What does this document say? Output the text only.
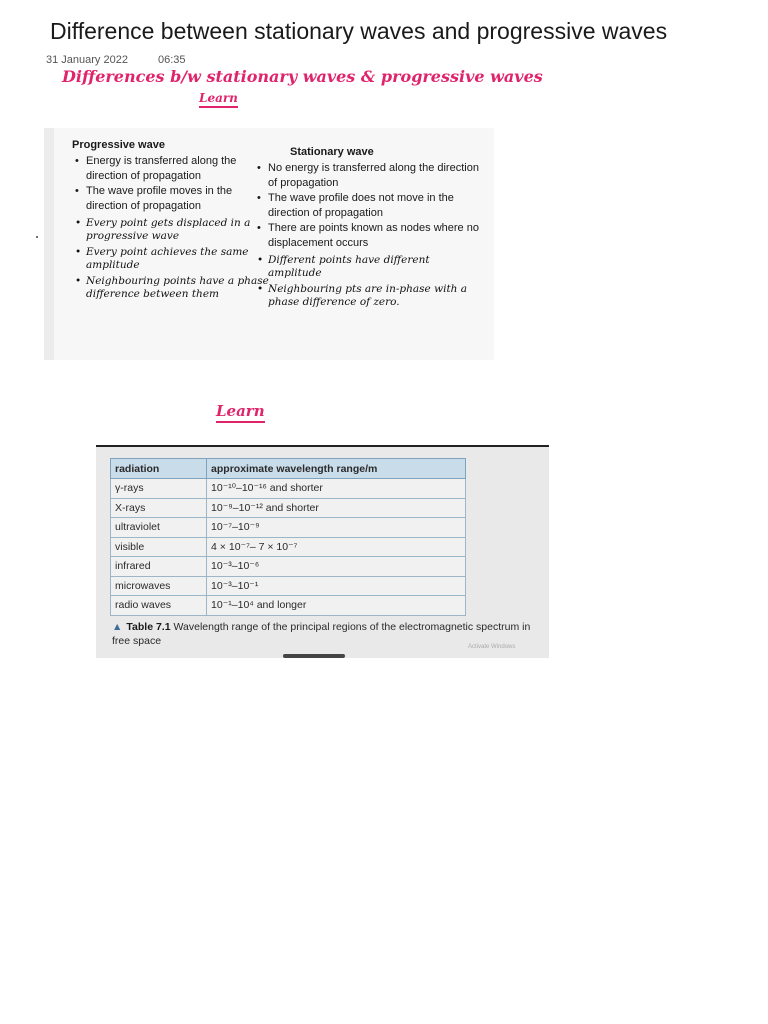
Difference between stationary waves and progressive waves
31 January 2022	06:35
Differences b/w stationary waves & progressive waves
Learn
Progressive wave
• Energy is transferred along the direction of propagation
• The wave profile moves in the direction of propagation
• Every point gets displaced in a progressive wave
• Every point achieves the same amplitude
• Neighbouring points have a phase difference between them
Stationary wave
• No energy is transferred along the direction of propagation
• The wave profile does not move in the direction of propagation
• There are points known as nodes where no displacement occurs
• Different points have different amplitude
• Neighbouring pts are in-phase with a phase difference of zero.
Learn
radiation	approximate wavelength range/m
γ-rays	10⁻¹⁰–10⁻¹⁶ and shorter
X-rays	10⁻⁹–10⁻¹² and shorter
ultraviolet	10⁻⁷–10⁻⁹
visible	4 × 10⁻⁷– 7 × 10⁻⁷
infrared	10⁻³–10⁻⁶
microwaves	10⁻³–10⁻¹
radio waves	10⁻¹–10⁴ and longer
▲ Table 7.1 Wavelength range of the principal regions of the electromagnetic spectrum in
free space	Activate Windows
